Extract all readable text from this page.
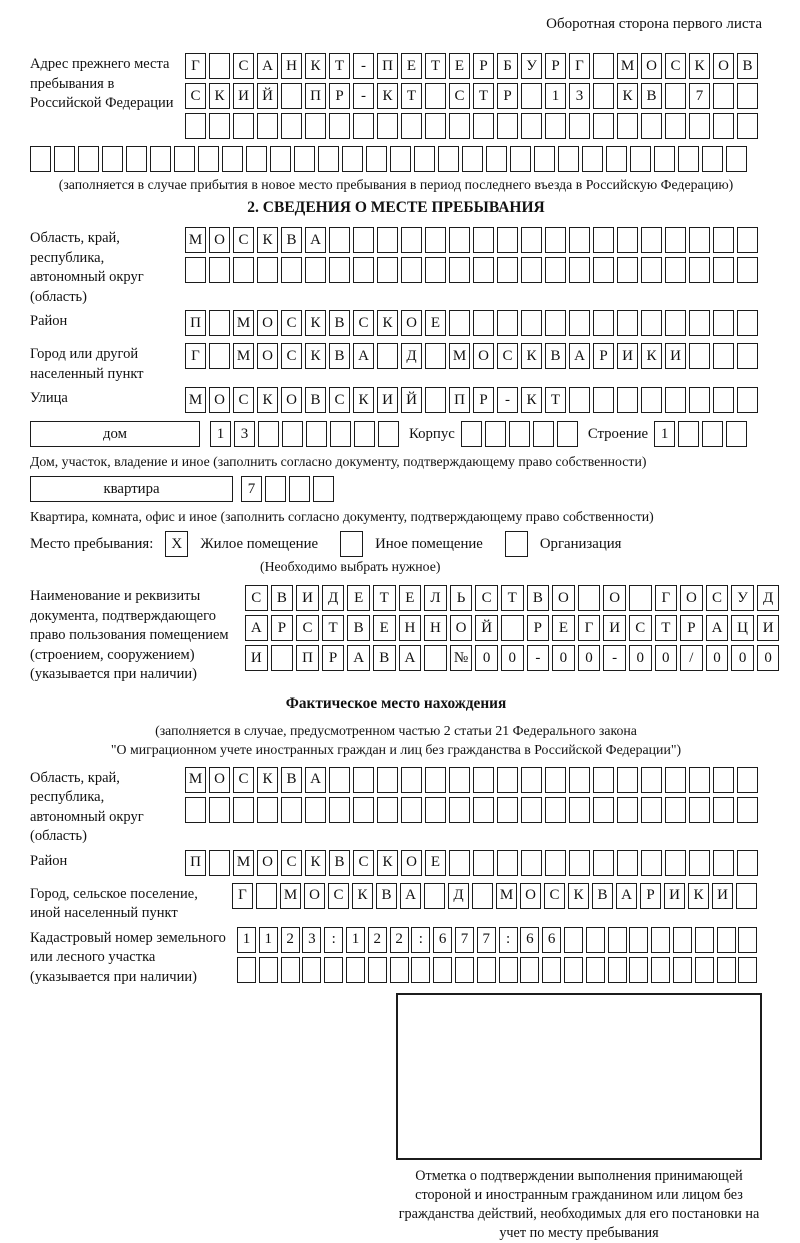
Оборотная сторона первого листа
Адрес прежнего места пребывания в Российской Федерации
Г	С А Н К Т	-	П Е Т Е	Р	Б У Р	Г	М О С К О В
С К И Й	П Р	-	К Т	С Т	Р	1	3	К В	7
(заполняется в случае прибытия в новое место пребывания в период последнего въезда в Российскую Федерацию)
2. СВЕДЕНИЯ О МЕСТЕ ПРЕБЫВАНИЯ
Область, край, республика, автономный округ (область)
М О С К В А
Район	П	М О С К В С К О Е
Город или другой населенный пункт
Г	М О С К В А	Д	М О С К В А Р И К И
Улица	М О С К О В С К И Й	П Р	-	К Т
дом	1	3	Корпус	Строение 1
Дом, участок, владение и иное (заполнить согласно документу, подтверждающему право собственности)
квартира	7
Квартира, комната, офис и иное (заполнить согласно документу, подтверждающему право собственности)
Место пребывания:	X	Жилое помещение	Иное помещение	Организация
(Необходимо выбрать нужное)
Наименование и реквизиты документа, подтверждающего право пользования помещением (строением, сооружением) (указывается при наличии)
С	В	И	Д	Е	Т	Е	Л	Ь	С	Т	В	О	О	Г	О	С	У	Д
А	Р	С	Т	В	Е	Н Н О Й	Р	Е	Г	И	С	Т	Р	А Ц И
И	П	Р	А	В	А	№ 0	0	-	0	0	-	0	0	/	0	0	0
Фактическое место нахождения
(заполняется в случае, предусмотренном частью 2 статьи 21 Федерального закона
"О миграционном учете иностранных граждан и лиц без гражданства в Российской Федерации")
Область, край, республика, автономный округ (область)
М О С К В А
Район	П	М О С К В С К О Е
Город, сельское поселение, иной населенный пункт
Г	М О С К В А	Д	М О С К В А Р И К И
Кадастровый номер земельного или лесного участка (указывается при наличии)
1 1 2 3	:	1 2 2	:	6 7 7	:	6 6
Отметка о подтверждении выполнения принимающей стороной и иностранным гражданином или лицом без гражданства действий, необходимых для его постановки на учет по месту пребывания
